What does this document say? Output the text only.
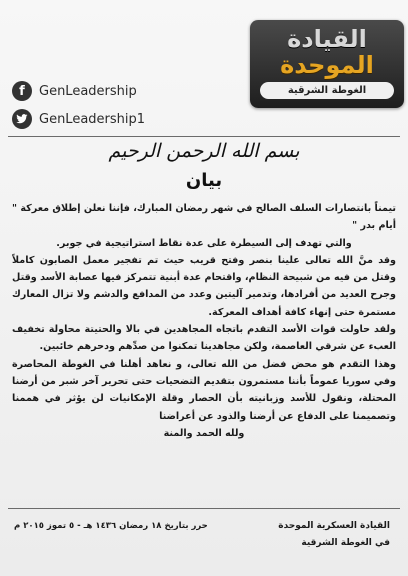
القيادة
الموحدة
الغوطة الشرقية
f	GenLeadership
GenLeadership1
بسم الله الرحمن الرحيم
بيان

تيمناً بانتصارات السلف الصالح في شهر رمضان المبارك، فإننا نعلن إطلاق معركة " أيام بدر "

والتي تهدف إلى السيطرة على عدة نقاط استراتيجية في جوبر.

وقد منَّ الله تعالى علينا بنصر وفتح قريب حيث تم تفجير معمل الصابون كاملاً وقتل من فيه من شبيحة النظام، واقتحام عدة أبنية تتمركز فيها عصابة الأسد وقتل وجرح العديد من أفرادها، وتدمير آليتين وعدد من المدافع والدشم ولا تزال المعارك مستمرة حتى إنهاء كافة أهداف المعركة.

ولقد حاولت قوات الأسد التقدم باتجاه المجاهدين في بالا والحتيتة محاولة تخفيف العبء عن شرقي العاصمة، ولكن مجاهدينا تمكنوا من صدِّهم ودحرهم خائبين.

وهذا التقدم هو محض فضل من الله تعالى، و نعاهد أهلنا في الغوطة المحاصرة وفي سوريا عموماً بأننا مستمرون بتقديم التضحيات حتى تحرير آخر شبر من أرضنا المحتلة، ونقول للأسد وزبانيته بأن الحصار وقلة الإمكانيات لن يؤثر في هممنا وتصميمنا على الدفاع عن أرضنا والذود عن أعراضنا

ولله الحمد والمنة

القيادة العسكرية الموحدة
في الغوطة الشرقية
حرر بتاريخ ١٨ رمضان ١٤٣٦ هـ - ٥ تموز ٢٠١٥ م
